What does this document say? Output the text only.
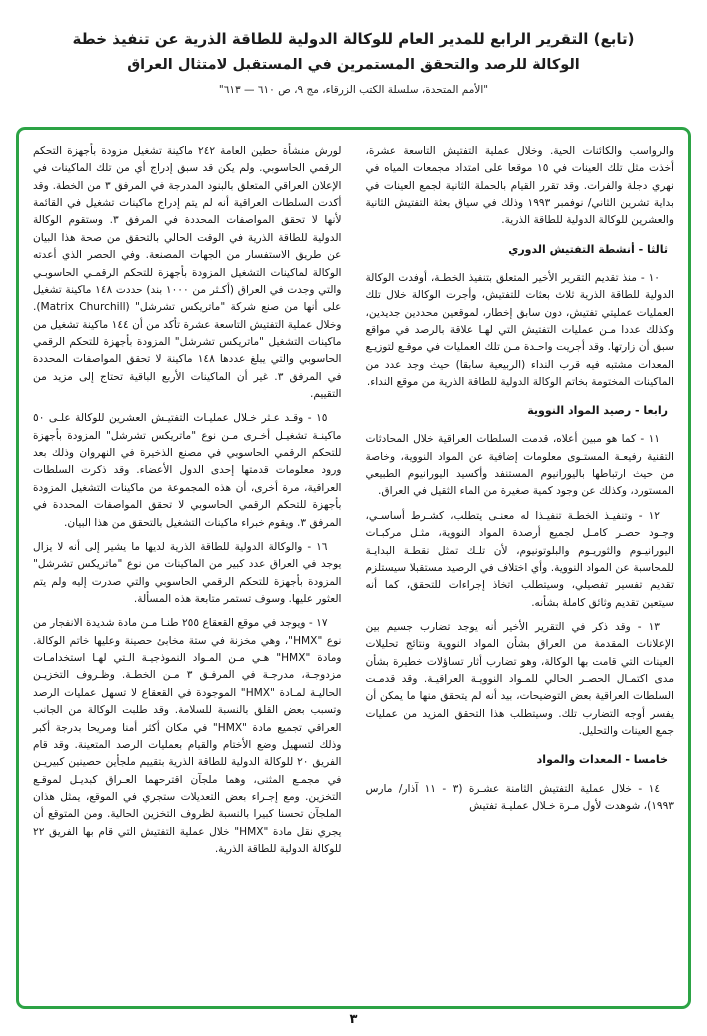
(تابع) التقرير الرابع للمدير العام للوكالة الدولية للطاقة الذرية عن تنفيذ خطة
الوكالة للرصد والتحقق المستمرين في المستقبل لامتثال العراق
"الأمم المتحدة، سلسلة الكتب الزرقاء، مج ٩، ص ٦١٠ — ٦١٣"

والرواسب والكائنات الحية. وخلال عملية التفتيش التاسعة عشرة، أخذت مثل تلك العينات في ١٥ موقعا على امتداد مجمعات المياه في نهري دجلة والفرات. وقد تقرر القيام بالحملة الثانية لجمع العينات في بداية تشرين الثاني/ نوفمبر ١٩٩٣ وذلك في سياق بعثة التفتيش الثانية والعشرين للوكالة الدولية للطاقة الذرية.

ثالثا - أنشطة التفتيش الدوري

١٠ - منذ تقديم التقرير الأخير المتعلق بتنفيذ الخطـة، أوفدت الوكالة الدولية للطاقة الذرية ثلاث بعثات للتفتيش، وأجرت الوكالة خلال تلك العمليات عمليتي تفتيش، دون سابق إخطار، لموقعين محددين جديدين، وكذلك عددا مـن عمليات التفتيش التي لهـا علاقة بالرصد في مواقع سبق أن زارتها. وقد أجريت واحـدة مـن تلك العمليات في موقـع لتوزيـع المعدات مشتبه فيه قرب النداء (الربيعية سابقا) حيث وجد عدد من الماكينات المختومة بخاتم الوكالة الدولية للطاقة الذرية من موقع النداء.

رابعا - رصيد المواد النووية

١١ - كما هو مبين أعلاه، قدمت السلطات العراقية خلال المحادثات التقنية رفيعـة المستـوى معلومات إضافية عن المواد النووية، وخاصة من حيث ارتباطها باليورانيوم المستنفد وأكسيد اليورانيوم الطبيعي المستورد، وكذلك عن وجود كمية صغيرة من الماء الثقيل في العراق.

١٢ - وتنفيـذ الخطـة تنفيـذا له معنـى يتطلب، كشـرط أساسـي، وجـود حصـر كامـل لجميع أرصدة المواد النووية، مثـل مركبـات اليورانيـوم والثوريـوم والبلوتونيوم، لأن تلـك تمثل نقطـة البدايـة للمحاسبة عن المواد النووية. وأي اختلاف في الرصيد مستقبلا سيستلزم تقديم تفسير تفصيلي، وسيتطلب اتخاذ إجراءات للتحقق، كما أنه سيتعين تقديم وثائق كاملة بشأنه.

١٣ - وقد ذكر في التقرير الأخير أنه يوجد تضارب جسيم بين الإعلانات المقدمة من العراق بشأن المواد النووية ونتائج تحليلات العينات التي قامت بها الوكالة، وهو تضارب أثار تساؤلات خطيرة بشأن مدى اكتمـال الحصـر الحالي للمـواد النوويـة العراقيـة. وقد قدمـت السلطات العراقية بعض التوضيحات، بيد أنه لم يتحقق منها ما يمكن أن يفسر أوجه التضارب تلك. وسيتطلب هذا التحقق المزيد من عمليات جمع العينات والتحليل.

خامسا - المعدات والمواد

١٤ - خلال عملية التفتيش الثامنة عشـرة (٣ - ١١ آذار/ مارس ١٩٩٣)، شوهدت لأول مـرة خـلال عمليـة تفتيش

لورش منشأة حطين العامة ٢٤٢ ماكينة تشغيل مزودة بأجهزة التحكم الرقمي الحاسوبي. ولم يكن قد سبق إدراج أي من تلك الماكينات في الإعلان العراقي المتعلق بالبنود المدرجة في المرفق ٣ من الخطة. وقد أكدت السلطات العراقية أنه لم يتم إدراج ماكينات تشغيل في القائمة لأنها لا تحقق المواصفات المحددة في المرفق ٣. وستقوم الوكالة الدولية للطاقة الذرية في الوقت الحالي بالتحقق من صحة هذا البيان عن طريق الاستفسار من الجهات المصنعة. وفي الحصر الذي أعدته الوكالة لماكينات التشغيل المزودة بأجهزة للتحكم الرقمـي الحاسوبـي والتي وجدت في العراق (أكـثر من ١٠٠٠ بند) حددت ١٤٨ ماكينة تشغيل على أنها من صنع شركة "ماتريكس تشرشل" (Matrix Churchill). وخلال عملية التفتيش التاسعة عشرة تأكد من أن ١٤٤ ماكينة تشغيل من ماكينات التشغيل "ماتريكس تشرشل" المزودة بأجهزة للتحكم الرقمي الحاسوبي والتي يبلغ عددها ١٤٨ ماكينة لا تحقق المواصفات المحددة في المرفق ٣. غير أن الماكينات الأربع الباقية تحتاج إلى مزيد من التقييم.

١٥ - وقـد عـثر خـلال عمليـات التفتيـش العشرين للوكالة علـى ٥٠ ماكينـة تشغيـل أخـرى مـن نوع "ماتريكس تشرشل" المزودة بأجهزة للتحكم الرقمي الحاسوبي في مصنع الذخيرة في النهروان وذلك بعد ورود معلومات قدمتها إحدى الدول الأعضاء. وقد ذكرت السلطات العراقية، مرة أخرى، أن هذه المجموعة من ماكينات التشغيل المزودة بأجهزة للتحكم الرقمي الحاسوبي لا تحقق المواصفات المحددة في المرفق ٣. ويقوم خبراء ماكينات التشغيل بالتحقق من هذا البيان.

١٦ - والوكالة الدولية للطاقة الذرية لديها ما يشير إلى أنه لا يزال يوجد في العراق عدد كبير من الماكينات من نوع "ماتريكس تشرشل" المزودة بأجهزة للتحكم الرقمي الحاسوبي والتي صدرت إليه ولم يتم العثور عليها. وسوف تستمر متابعة هذه المسألة.

١٧ - ويوجد في موقع القعقاع ٢٥٥ طنـا مـن مادة شديدة الانفجار من نوع "HMX"، وهي مخزنة في ستة مخابئ حصينة وعليها خاتم الوكالة. ومادة "HMX" هـي مـن المـواد النموذجيـة الـتي لهـا استخدامـات مزدوجـة، مدرجـة في المرفـق ٣ مـن الخطـة. وظـروف التخزيـن الحاليـة لمـادة "HMX" الموجودة في القعقاع لا تسهل عمليات الرصد وتسبب بعض القلق بالنسبة للسلامة. وقد طلبت الوكالة من الجانب العراقي تجميع مادة "HMX" في مكان أكثر أمنا ومريحا بدرجة أكبر وذلك لتسهيل وضع الأختام والقيام بعمليات الرصد المتعينة. وقد قام الفريق ٢٠ للوكالة الدولية للطاقة الذرية بتقييم ملجأين حصينين كبيريـن في مجمـع المثنى، وهما ملجآن اقترحهما العـراق كبديـل لموقـع التخزين. ومع إجـراء بعض التعديلات ستجري في الموقع، يمثل هذان الملجآن تحسنا كبيرا بالنسبة لظروف التخزين الحالية. ومن المتوقع أن يجري نقل مادة "HMX" خلال عملية التفتيش التي قام بها الفريق ٢٢ للوكالة الدولية للطاقة الذرية.

٣
